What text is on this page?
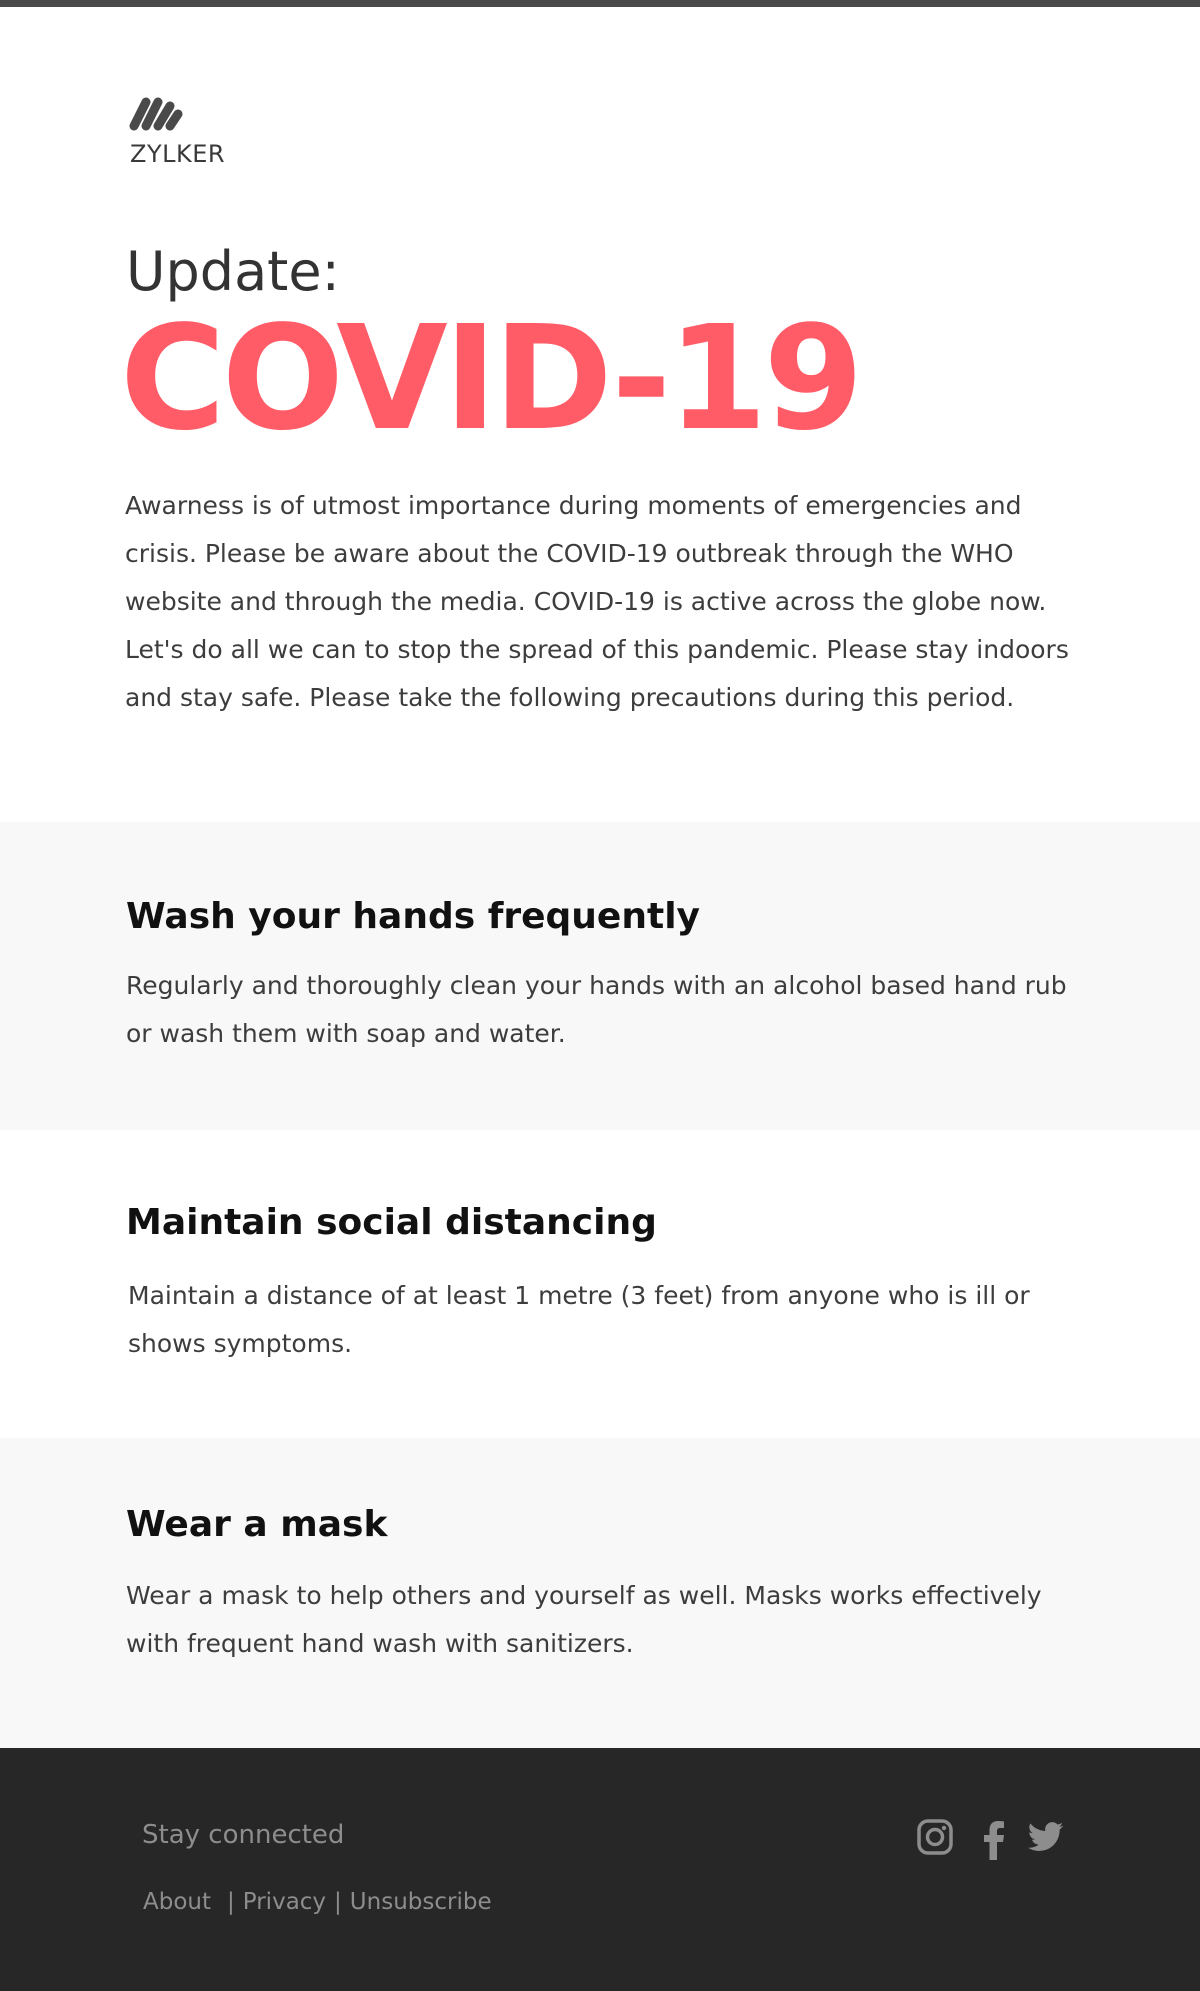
ZYLKER
Update:
COVID-19
Awarness is of utmost importance during moments of emergencies and crisis. Please be aware about the COVID-19 outbreak through the WHO website and through the media. COVID-19 is active across the globe now. Let's do all we can to stop the spread of this pandemic. Please stay indoors and stay safe. Please take the following precautions during this period.
Wash your hands frequently
Regularly and thoroughly clean your hands with an alcohol based hand rub or wash them with soap and water.
Maintain social distancing
Maintain a distance of at least 1 metre (3 feet) from anyone who is ill or shows symptoms.
Wear a mask
Wear a mask to help others and yourself as well. Masks works effectively with frequent hand wash with sanitizers.
Stay connected
About | Privacy | Unsubscribe
